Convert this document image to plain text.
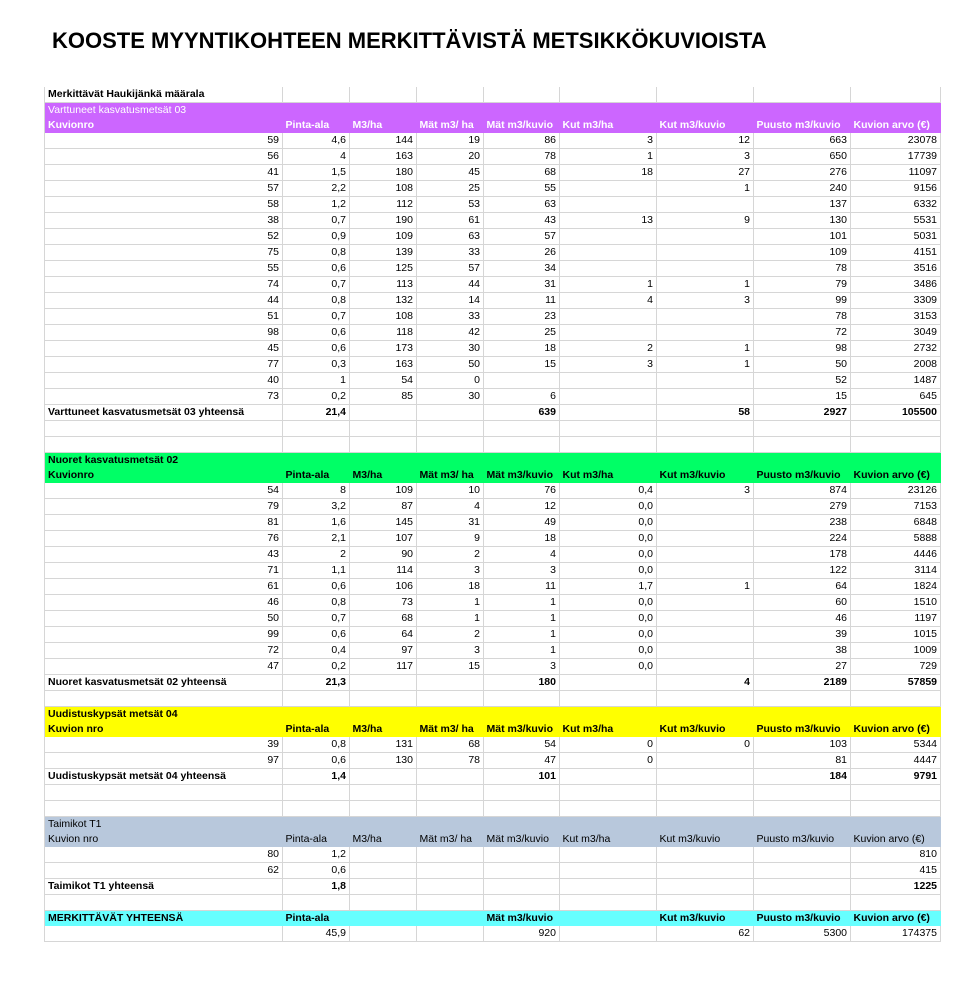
KOOSTE MYYNTIKOHTEEN MERKITTÄVISTÄ METSIKKÖKUVIOISTA
Merkittävät Haukijänkä määrala								
Varttuneet kasvatusmetsät 03								
Kuvionro	Pinta-ala	M3/ha	Mät m3/ ha	Mät m3/kuvio	Kut m3/ha	Kut m3/kuvio	Puusto m3/kuvio	Kuvion arvo (€)
59	4,6	144	19	86	3	12	663	23078
56	4	163	20	78	1	3	650	17739
41	1,5	180	45	68	18	27	276	11097
57	2,2	108	25	55		1	240	9156
58	1,2	112	53	63			137	6332
38	0,7	190	61	43	13	9	130	5531
52	0,9	109	63	57			101	5031
75	0,8	139	33	26			109	4151
55	0,6	125	57	34			78	3516
74	0,7	113	44	31	1	1	79	3486
44	0,8	132	14	11	4	3	99	3309
51	0,7	108	33	23			78	3153
98	0,6	118	42	25			72	3049
45	0,6	173	30	18	2	1	98	2732
77	0,3	163	50	15	3	1	50	2008
40	1	54	0				52	1487
73	0,2	85	30	6			15	645
Varttuneet kasvatusmetsät 03 yhteensä	21,4			639		58	2927	105500

Nuoret kasvatusmetsät 02								
Kuvionro	Pinta-ala	M3/ha	Mät m3/ ha	Mät m3/kuvio	Kut m3/ha	Kut m3/kuvio	Puusto m3/kuvio	Kuvion arvo (€)
54	8	109	10	76	0,4	3	874	23126
79	3,2	87	4	12	0,0		279	7153
81	1,6	145	31	49	0,0		238	6848
76	2,1	107	9	18	0,0		224	5888
43	2	90	2	4	0,0		178	4446
71	1,1	114	3	3	0,0		122	3114
61	0,6	106	18	11	1,7	1	64	1824
46	0,8	73	1	1	0,0		60	1510
50	0,7	68	1	1	0,0		46	1197
99	0,6	64	2	1	0,0		39	1015
72	0,4	97	3	1	0,0		38	1009
47	0,2	117	15	3	0,0		27	729
Nuoret kasvatusmetsät 02 yhteensä	21,3			180		4	2189	57859

Uudistuskypsät metsät 04								
Kuvion nro	Pinta-ala	M3/ha	Mät m3/ ha	Mät m3/kuvio	Kut m3/ha	Kut m3/kuvio	Puusto m3/kuvio	Kuvion arvo (€)
39	0,8	131	68	54	0	0	103	5344
97	0,6	130	78	47	0		81	4447
Uudistuskypsät metsät 04 yhteensä	1,4			101			184	9791

Taimikot T1								
Kuvion nro	Pinta-ala	M3/ha	Mät m3/ ha	Mät m3/kuvio	Kut m3/ha	Kut m3/kuvio	Puusto m3/kuvio	Kuvion arvo (€)
80	1,2							810
62	0,6							415
Taimikot T1 yhteensä	1,8							1225

MERKITTÄVÄT YHTEENSÄ	Pinta-ala			Mät m3/kuvio		Kut m3/kuvio	Puusto m3/kuvio	Kuvion arvo (€)
	45,9			920		62	5300	174375
